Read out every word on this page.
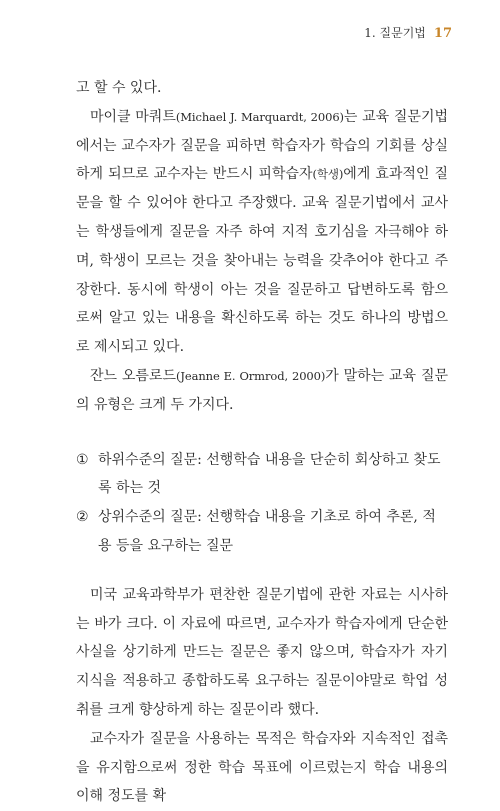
1. 질문기법 17

고 할 수 있다.

마이클 마쿼트(Michael J. Marquardt, 2006)는 교육 질문기법에서는 교수자가 질문을 피하면 학습자가 학습의 기회를 상실하게 되므로 교수자는 반드시 피학습자(학생)에게 효과적인 질문을 할 수 있어야 한다고 주장했다. 교육 질문기법에서 교사는 학생들에게 질문을 자주 하여 지적 호기심을 자극해야 하며, 학생이 모르는 것을 찾아내는 능력을 갖추어야 한다고 주장한다. 동시에 학생이 아는 것을 질문하고 답변하도록 함으로써 알고 있는 내용을 확신하도록 하는 것도 하나의 방법으로 제시되고 있다.

잔느 오름로드(Jeanne E. Ormrod, 2000)가 말하는 교육 질문의 유형은 크게 두 가지다.

① 하위수준의 질문: 선행학습 내용을 단순히 회상하고 찾도록 하는 것
② 상위수준의 질문: 선행학습 내용을 기초로 하여 추론, 적용 등을 요구하는 질문

미국 교육과학부가 편찬한 질문기법에 관한 자료는 시사하는 바가 크다. 이 자료에 따르면, 교수자가 학습자에게 단순한 사실을 상기하게 만드는 질문은 좋지 않으며, 학습자가 자기 지식을 적용하고 종합하도록 요구하는 질문이야말로 학업 성취를 크게 향상하게 하는 질문이라 했다.

교수자가 질문을 사용하는 목적은 학습자와 지속적인 접촉을 유지함으로써 정한 학습 목표에 이르렀는지 학습 내용의 이해 정도를 확
